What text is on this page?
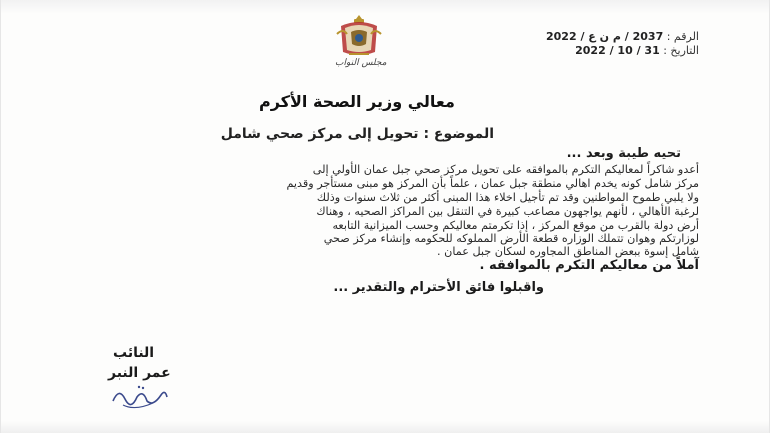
مجلس النواب
الرقم : 2037 / م ن ع / 2022
التاريخ : 31 / 10 / 2022
معالي وزير الصحة الأكرم
الموضوع : تحويل إلى مركز صحي شامل
تحيه طيبة وبعد ...
أعدو شاكراً لمعاليكم التكرم بالموافقه على تحويل مركز صحي جبل عمان الأولي إلى
مركز شامل كونه يخدم اهالي منطقة جبل عمان ، علماً بأن المركز هو مبنى مستأجر وقديم
ولا يلبي طموح المواطنين وقد تم تأجيل اخلاء هذا المبنى أكثر من ثلاث سنوات وذلك
لرغبة الأهالي ، لأنهم يواجهون مصاعب كبيرة في التنقل بين المراكز الصحيه ، وهناك
أرض دولة بالقرب من موقع المركز ، إذا تكرمتم معاليكم وحسب الميزانية التابعه
لوزارتكم وهوان تتملك الوزاره قطعة الأرض المملوكه للحكومه وإنشاء مركز صحي
شامل إسوة ببعض المناطق المجاوره لسكان جبل عمان .
آملاً من معاليكم التكرم بالموافقه .
واقبلوا فائق الأحترام والتقدير ...
النائب
عمر النبر
